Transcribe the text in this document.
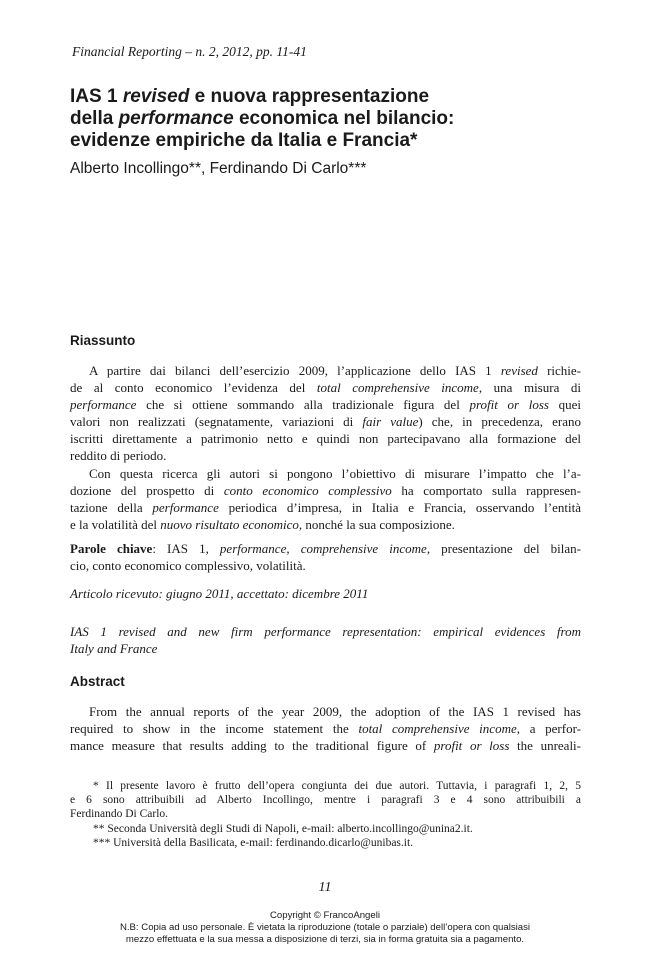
Financial Reporting – n. 2, 2012, pp. 11-41
IAS 1 revised e nuova rappresentazione
della performance economica nel bilancio:
evidenze empiriche da Italia e Francia*
Alberto Incollingo**, Ferdinando Di Carlo***
Riassunto
A partire dai bilanci dell’esercizio 2009, l’applicazione dello IAS 1 revised richie-
de al conto economico l’evidenza del total comprehensive income, una misura di
performance che si ottiene sommando alla tradizionale figura del profit or loss quei
valori non realizzati (segnatamente, variazioni di fair value) che, in precedenza, erano
iscritti direttamente a patrimonio netto e quindi non partecipavano alla formazione del
reddito di periodo.
Con questa ricerca gli autori si pongono l’obiettivo di misurare l’impatto che l’a-
dozione del prospetto di conto economico complessivo ha comportato sulla rappresen-
tazione della performance periodica d’impresa, in Italia e Francia, osservando l’entità
e la volatilità del nuovo risultato economico, nonché la sua composizione.
Parole chiave: IAS 1, performance, comprehensive income, presentazione del bilan-
cio, conto economico complessivo, volatilità.
Articolo ricevuto: giugno 2011, accettato: dicembre 2011
IAS 1 revised and new firm performance representation: empirical evidences from
Italy and France
Abstract
From the annual reports of the year 2009, the adoption of the IAS 1 revised has
required to show in the income statement the total comprehensive income, a perfor-
mance measure that results adding to the traditional figure of profit or loss the unreali-
* Il presente lavoro è frutto dell’opera congiunta dei due autori. Tuttavia, i paragrafi 1, 2, 5
e 6 sono attribuibili ad Alberto Incollingo, mentre i paragrafi 3 e 4 sono attribuibili a
Ferdinando Di Carlo.
** Seconda Università degli Studi di Napoli, e-mail: alberto.incollingo@unina2.it.
*** Università della Basilicata, e-mail: ferdinando.dicarlo@unibas.it.
11
Copyright © FrancoAngeli
N.B: Copia ad uso personale. È vietata la riproduzione (totale o parziale) dell’opera con qualsiasi
mezzo effettuata e la sua messa a disposizione di terzi, sia in forma gratuita sia a pagamento.
